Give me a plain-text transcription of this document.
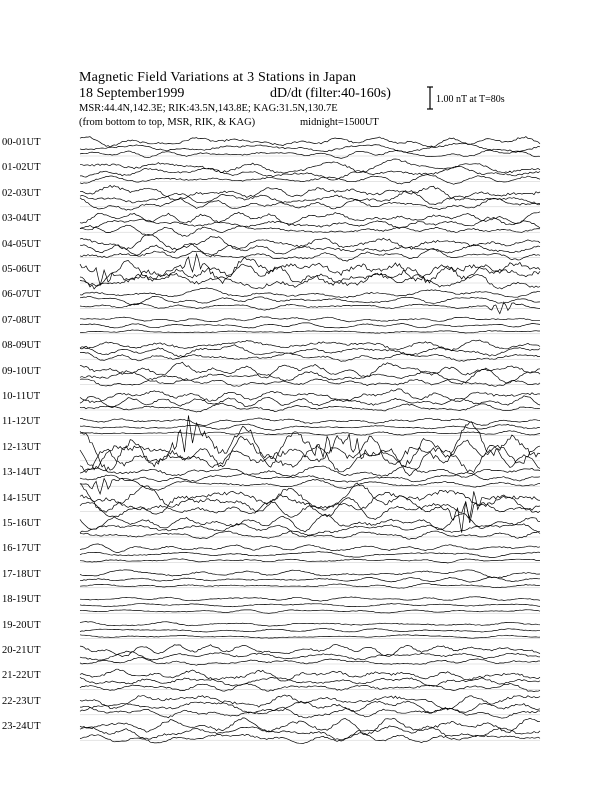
Magnetic Field Variations at 3 Stations in Japan
18 September1999	dD/dt (filter:40-160s)
MSR:44.4N,142.3E; RIK:43.5N,143.8E; KAG:31.5N,130.7E
(from bottom to top, MSR, RIK, & KAG)	midnight=1500UT
1.00 nT at T=80s
00-01UT
01-02UT
02-03UT
03-04UT
04-05UT
05-06UT
06-07UT
07-08UT
08-09UT
09-10UT
10-11UT
11-12UT
12-13UT
13-14UT
14-15UT
15-16UT
16-17UT
17-18UT
18-19UT
19-20UT
20-21UT
21-22UT
22-23UT
23-24UT
